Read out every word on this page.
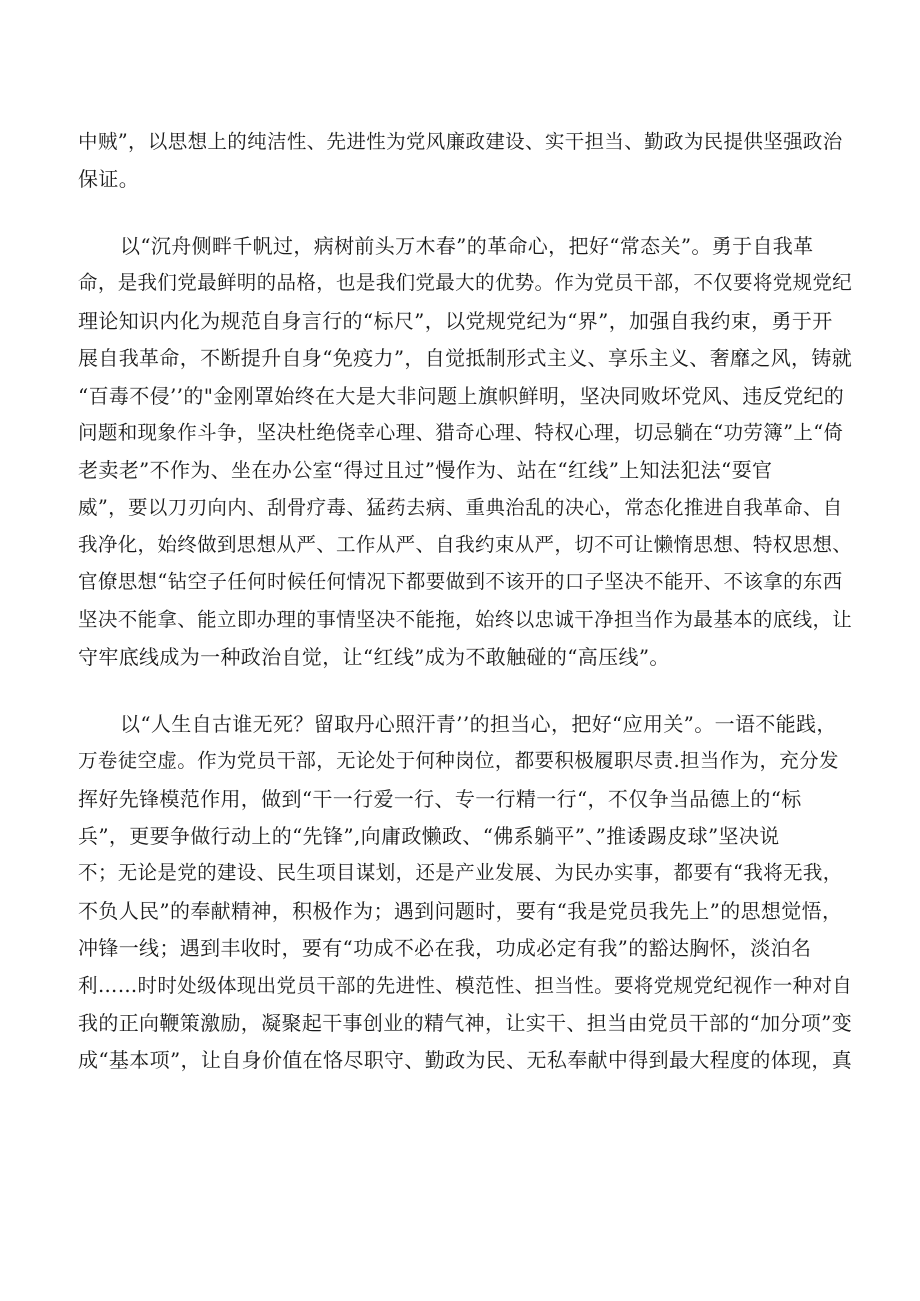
中贼”，以思想上的纯洁性、先进性为党风廉政建设、实干担当、勤政为民提供坚强政治
保证。
以“沉舟侧畔千帆过，病树前头万木春”的革命心，把好“常态关”。勇于自我革
命，是我们党最鲜明的品格，也是我们党最大的优势。作为党员干部，不仅要将党规党纪
理论知识内化为规范自身言行的“标尺”，以党规党纪为“界”，加强自我约束，勇于开
展自我革命，不断提升自身“免疫力”，自觉抵制形式主义、享乐主义、奢靡之风，铸就
“百毒不侵’’的"金刚罩始终在大是大非问题上旗帜鲜明，坚决同败坏党风、违反党纪的
问题和现象作斗争，坚决杜绝侥幸心理、猎奇心理、特权心理，切忌躺在“功劳簿”上“倚
老卖老”不作为、坐在办公室“得过且过”慢作为、站在“红线”上知法犯法“耍官
威”，要以刀刃向内、刮骨疗毒、猛药去病、重典治乱的决心，常态化推进自我革命、自
我净化，始终做到思想从严、工作从严、自我约束从严，切不可让懒惰思想、特权思想、
官僚思想“钻空子任何时候任何情况下都要做到不该开的口子坚决不能开、不该拿的东西
坚决不能拿、能立即办理的事情坚决不能拖，始终以忠诚干净担当作为最基本的底线，让
守牢底线成为一种政治自觉，让“红线”成为不敢触碰的“高压线”。
以“人生自古谁无死？留取丹心照汗青’’的担当心，把好“应用关”。一语不能践，
万卷徒空虚。作为党员干部，无论处于何种岗位，都要积极履职尽责.担当作为，充分发
挥好先锋模范作用，做到“干一行爱一行、专一行精一行“，不仅争当品德上的“标
兵”，更要争做行动上的“先锋”,向庸政懒政、“佛系躺平”、”推诿踢皮球”坚决说
不；无论是党的建设、民生项目谋划，还是产业发展、为民办实事，都要有“我将无我，
不负人民”的奉献精神，积极作为；遇到问题时，要有“我是党员我先上”的思想觉悟，
冲锋一线；遇到丰收时，要有“功成不必在我，功成必定有我”的豁达胸怀，淡泊名
利……时时处级体现出党员干部的先进性、模范性、担当性。要将党规党纪视作一种对自
我的正向鞭策激励，凝聚起干事创业的精气神，让实干、担当由党员干部的“加分项”变
成“基本项”，让自身价值在恪尽职守、勤政为民、无私奉献中得到最大程度的体现，真
